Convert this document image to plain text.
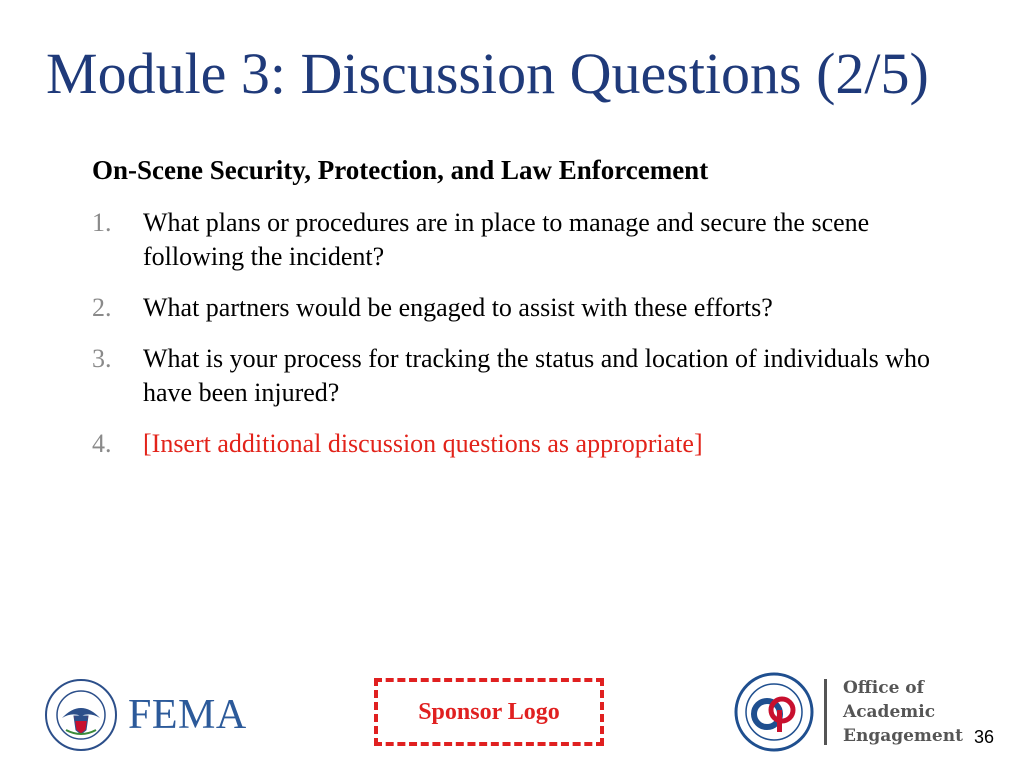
Module 3: Discussion Questions (2/5)
On-Scene Security, Protection, and Law Enforcement
1.	What plans or procedures are in place to manage and secure the scene following the incident?
2.	What partners would be engaged to assist with these efforts?
3.	What is your process for tracking the status and location of individuals who have been injured?
4.	[Insert additional discussion questions as appropriate]
FEMA	Sponsor Logo
Office of
Academic
Engagement 36
